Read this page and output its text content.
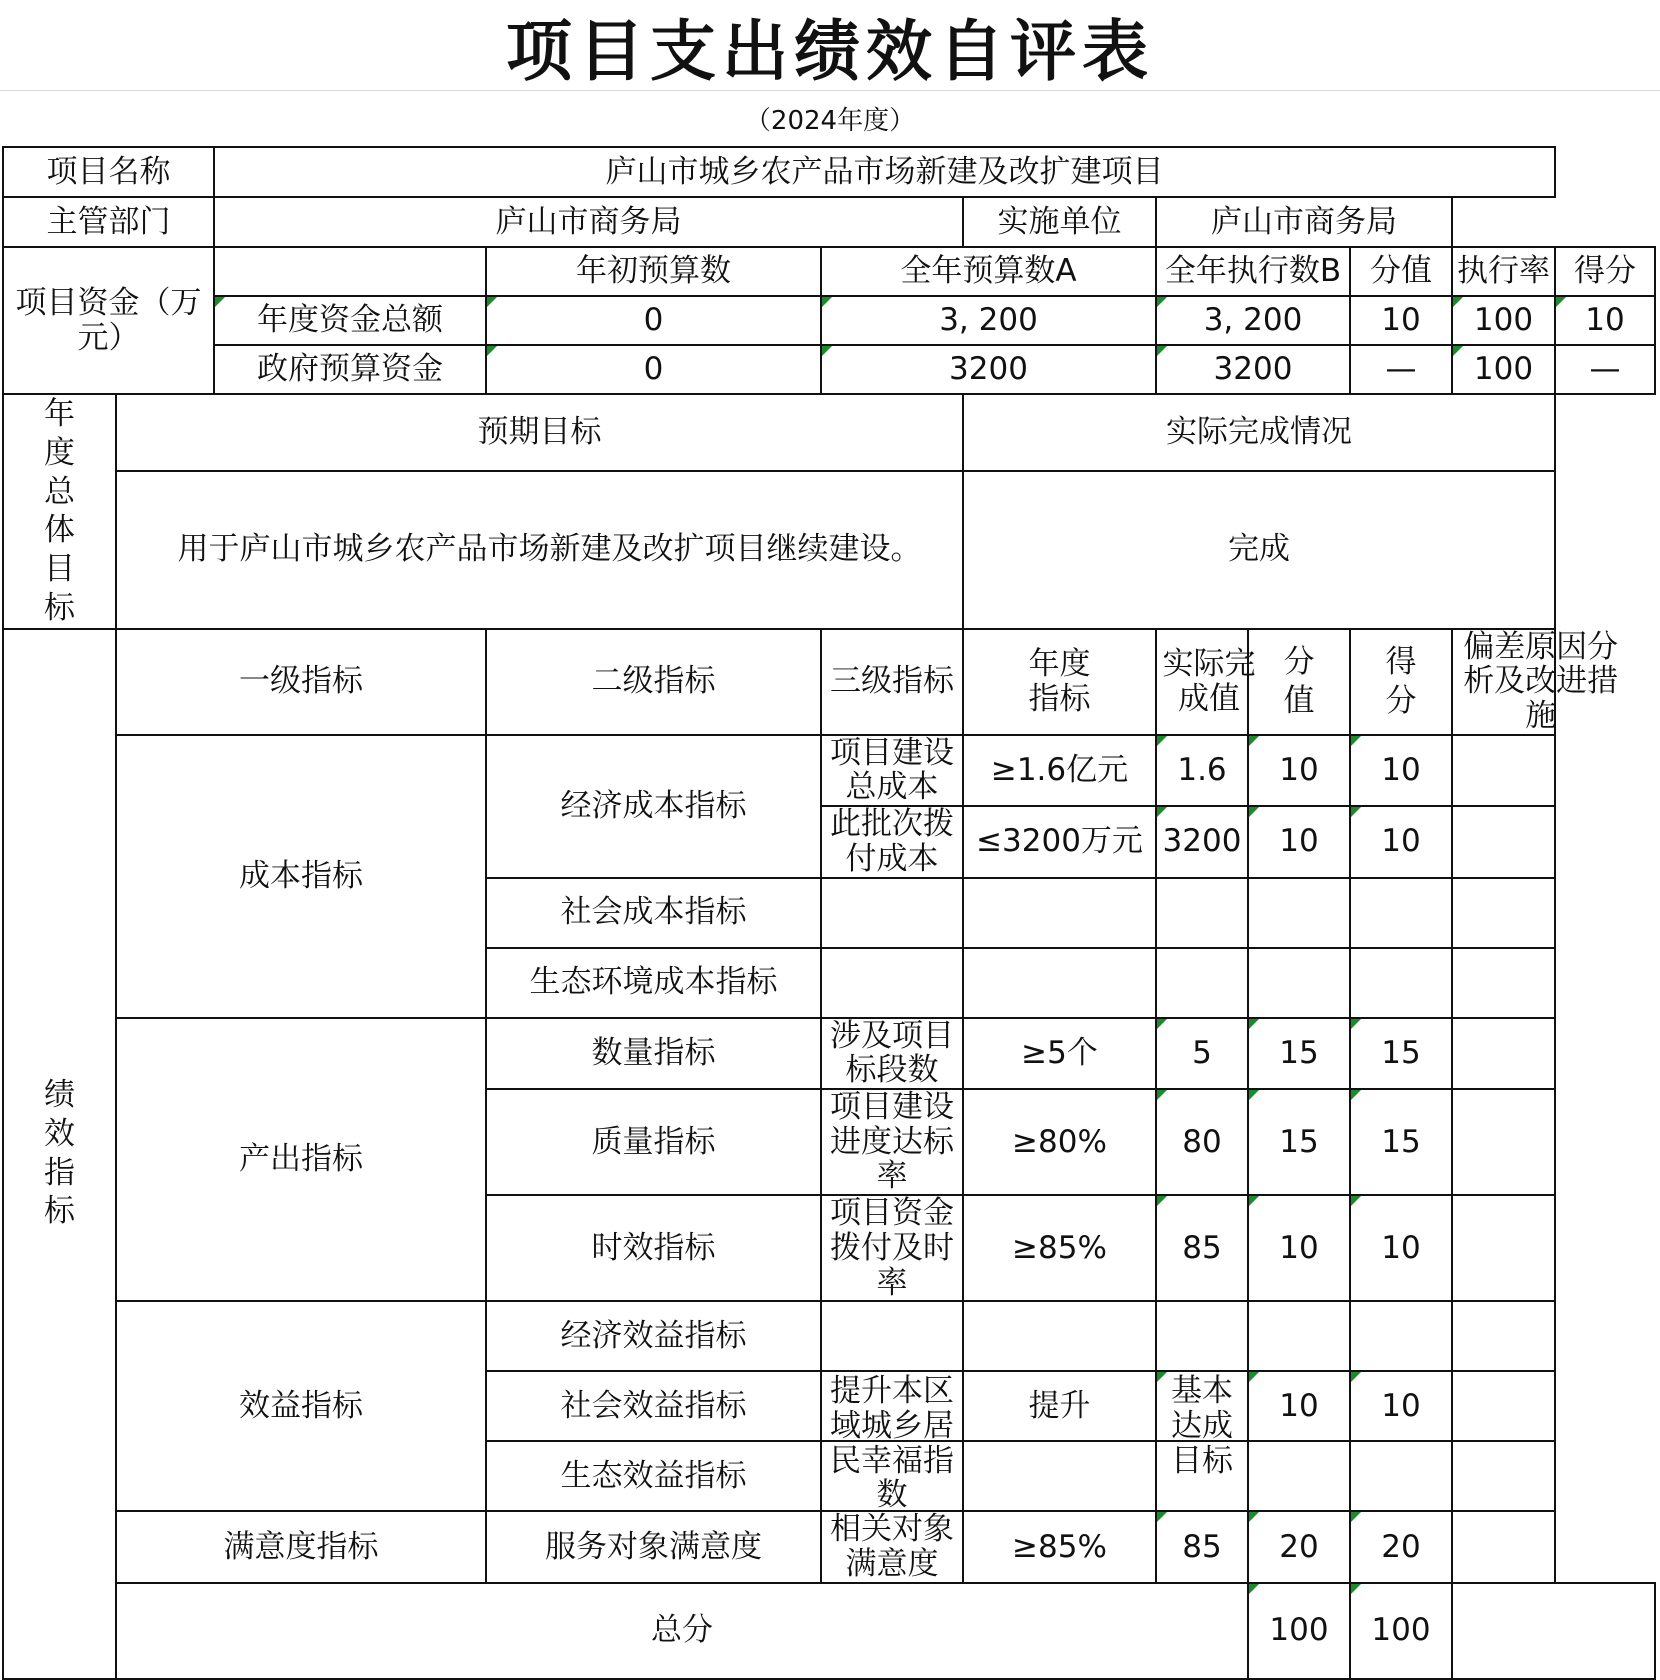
项目支出绩效自评表
（2024年度）
项目名称		庐山市城乡农产品市场新建及改扩建项目								
主管部门		庐山市商务局			实施单位	庐山市商务局				
项目资金（万元）			年初预算数	全年预算数A		全年执行数B		分值	执行率	得分
		年度资金总额	0	3, 200		3, 200		10	100	10
		政府预算资金	0	3200		3200		—	100	—
年度总体目标	预期目标				实际完成情况					
	用于庐山市城乡农产品市场新建及改扩项目继续建设。				完成					
绩效指标	一级指标		二级指标	三级指标	年度指标	实际完成值	分值	得分	偏差原因分析及改进措施	
	成本指标		经济成本指标	项目建设总成本	≥1.6亿元	1.6	10	10		
				此批次拨付成本	≤3200万元	3200	10	10		
			社会成本指标							
			生态环境成本指标							
	产出指标		数量指标	涉及项目标段数	≥5个	5	15	15		
			质量指标	项目建设进度达标率	≥80%	80	15	15		
			时效指标	项目资金拨付及时率	≥85%	85	10	10		
	效益指标		经济效益指标							
			社会效益指标	提升本区域城乡居民幸福指数	提升	基本达成目标	10	10		
			生态效益指标							
	满意度指标		服务对象满意度	相关对象满意度	≥85%	85	20	20		
	总分						100	100		
